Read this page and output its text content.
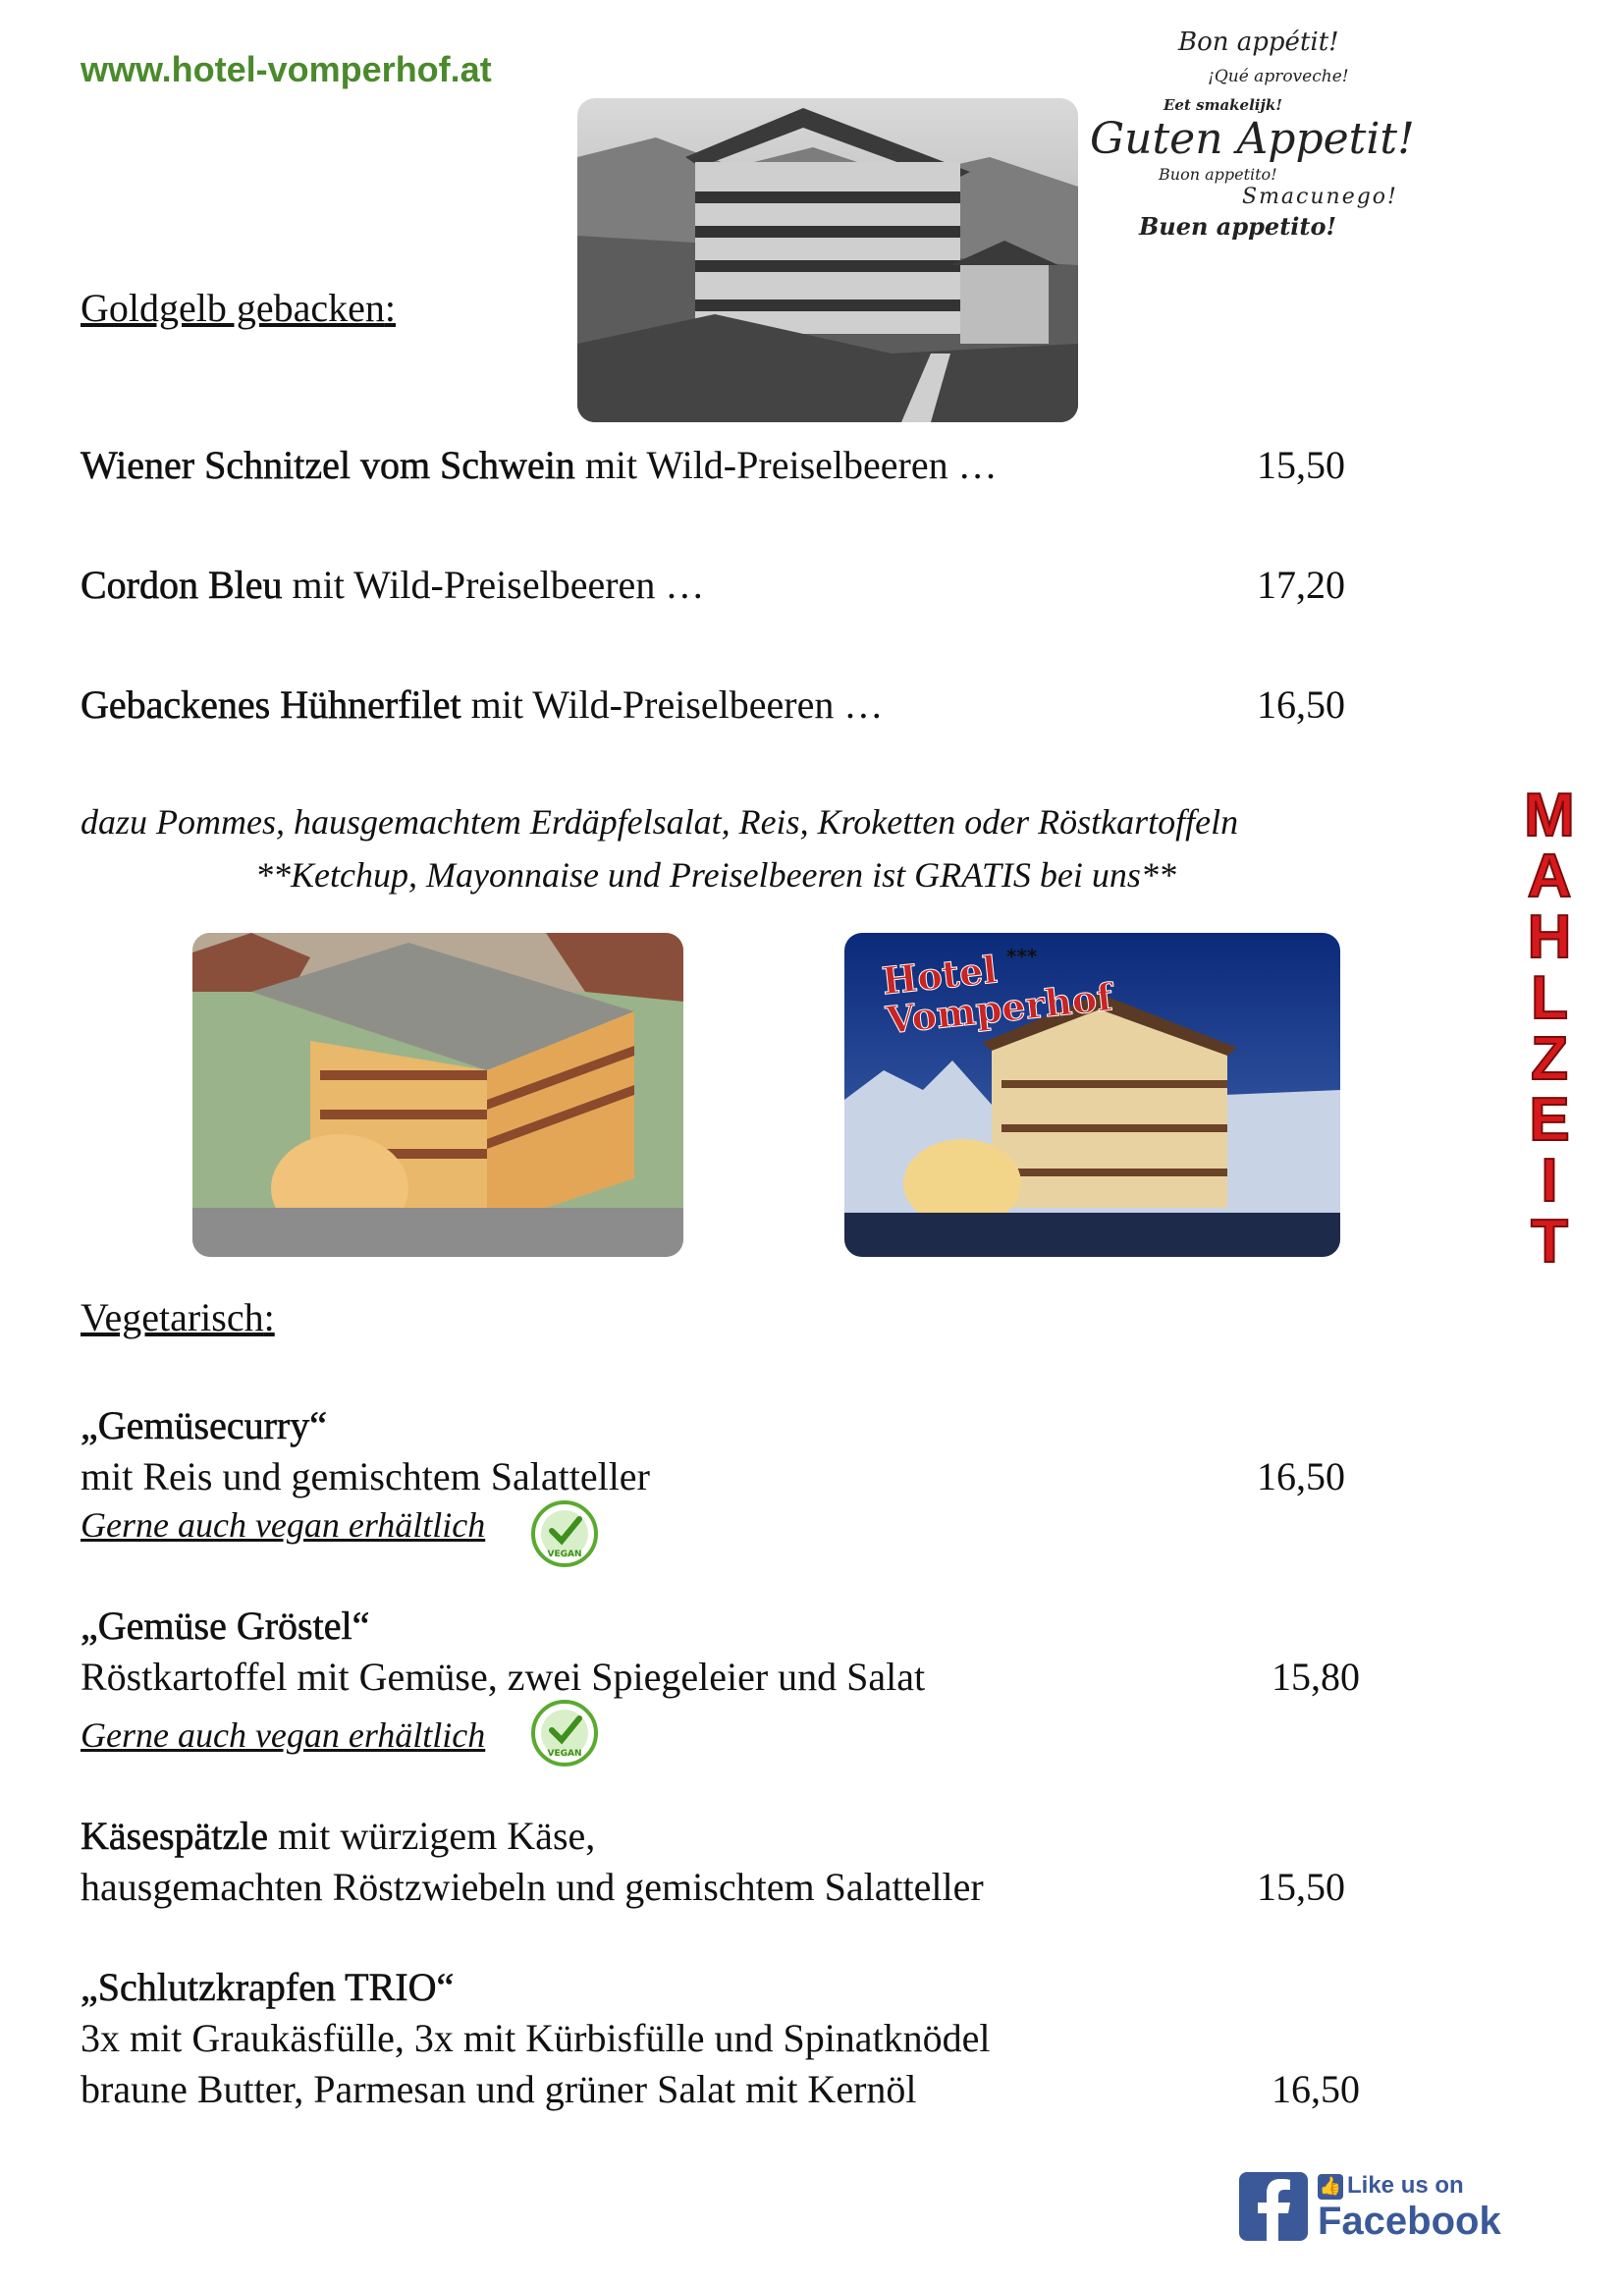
www.hotel-vomperhof.at
Bon appétit!
¡Qué aproveche!
Eet smakelijk!
Guten Appetit!
Buon appetito!
Smacunego!
Buen appetito!
Goldgelb gebacken:
Wiener Schnitzel vom Schwein mit Wild-Preiselbeeren …	15,50
Cordon Bleu mit Wild-Preiselbeeren …	17,20
Gebackenes Hühnerfilet mit Wild-Preiselbeeren …	16,50
dazu Pommes, hausgemachtem Erdäpfelsalat, Reis, Kroketten oder Röstkartoffeln
**Ketchup, Mayonnaise und Preiselbeeren ist GRATIS bei uns**
Hotel Vomperhof
***
M
A
H
L
Z
E
I
T
Vegetarisch:
„Gemüsecurry“
mit Reis und gemischtem Salatteller	16,50
Gerne auch vegan erhältlich
VEGAN
„Gemüse Gröstel“
Röstkartoffel mit Gemüse, zwei Spiegeleier und Salat	15,80
Gerne auch vegan erhältlich	VEGAN
Käsespätzle mit würzigem Käse,
hausgemachten Röstzwiebeln und gemischtem Salatteller	15,50
„Schlutzkrapfen TRIO“
3x mit Graukäsfülle, 3x mit Kürbisfülle und Spinatknödel
braune Butter, Parmesan und grüner Salat mit Kernöl	16,50
👍 Like us on
Facebook
